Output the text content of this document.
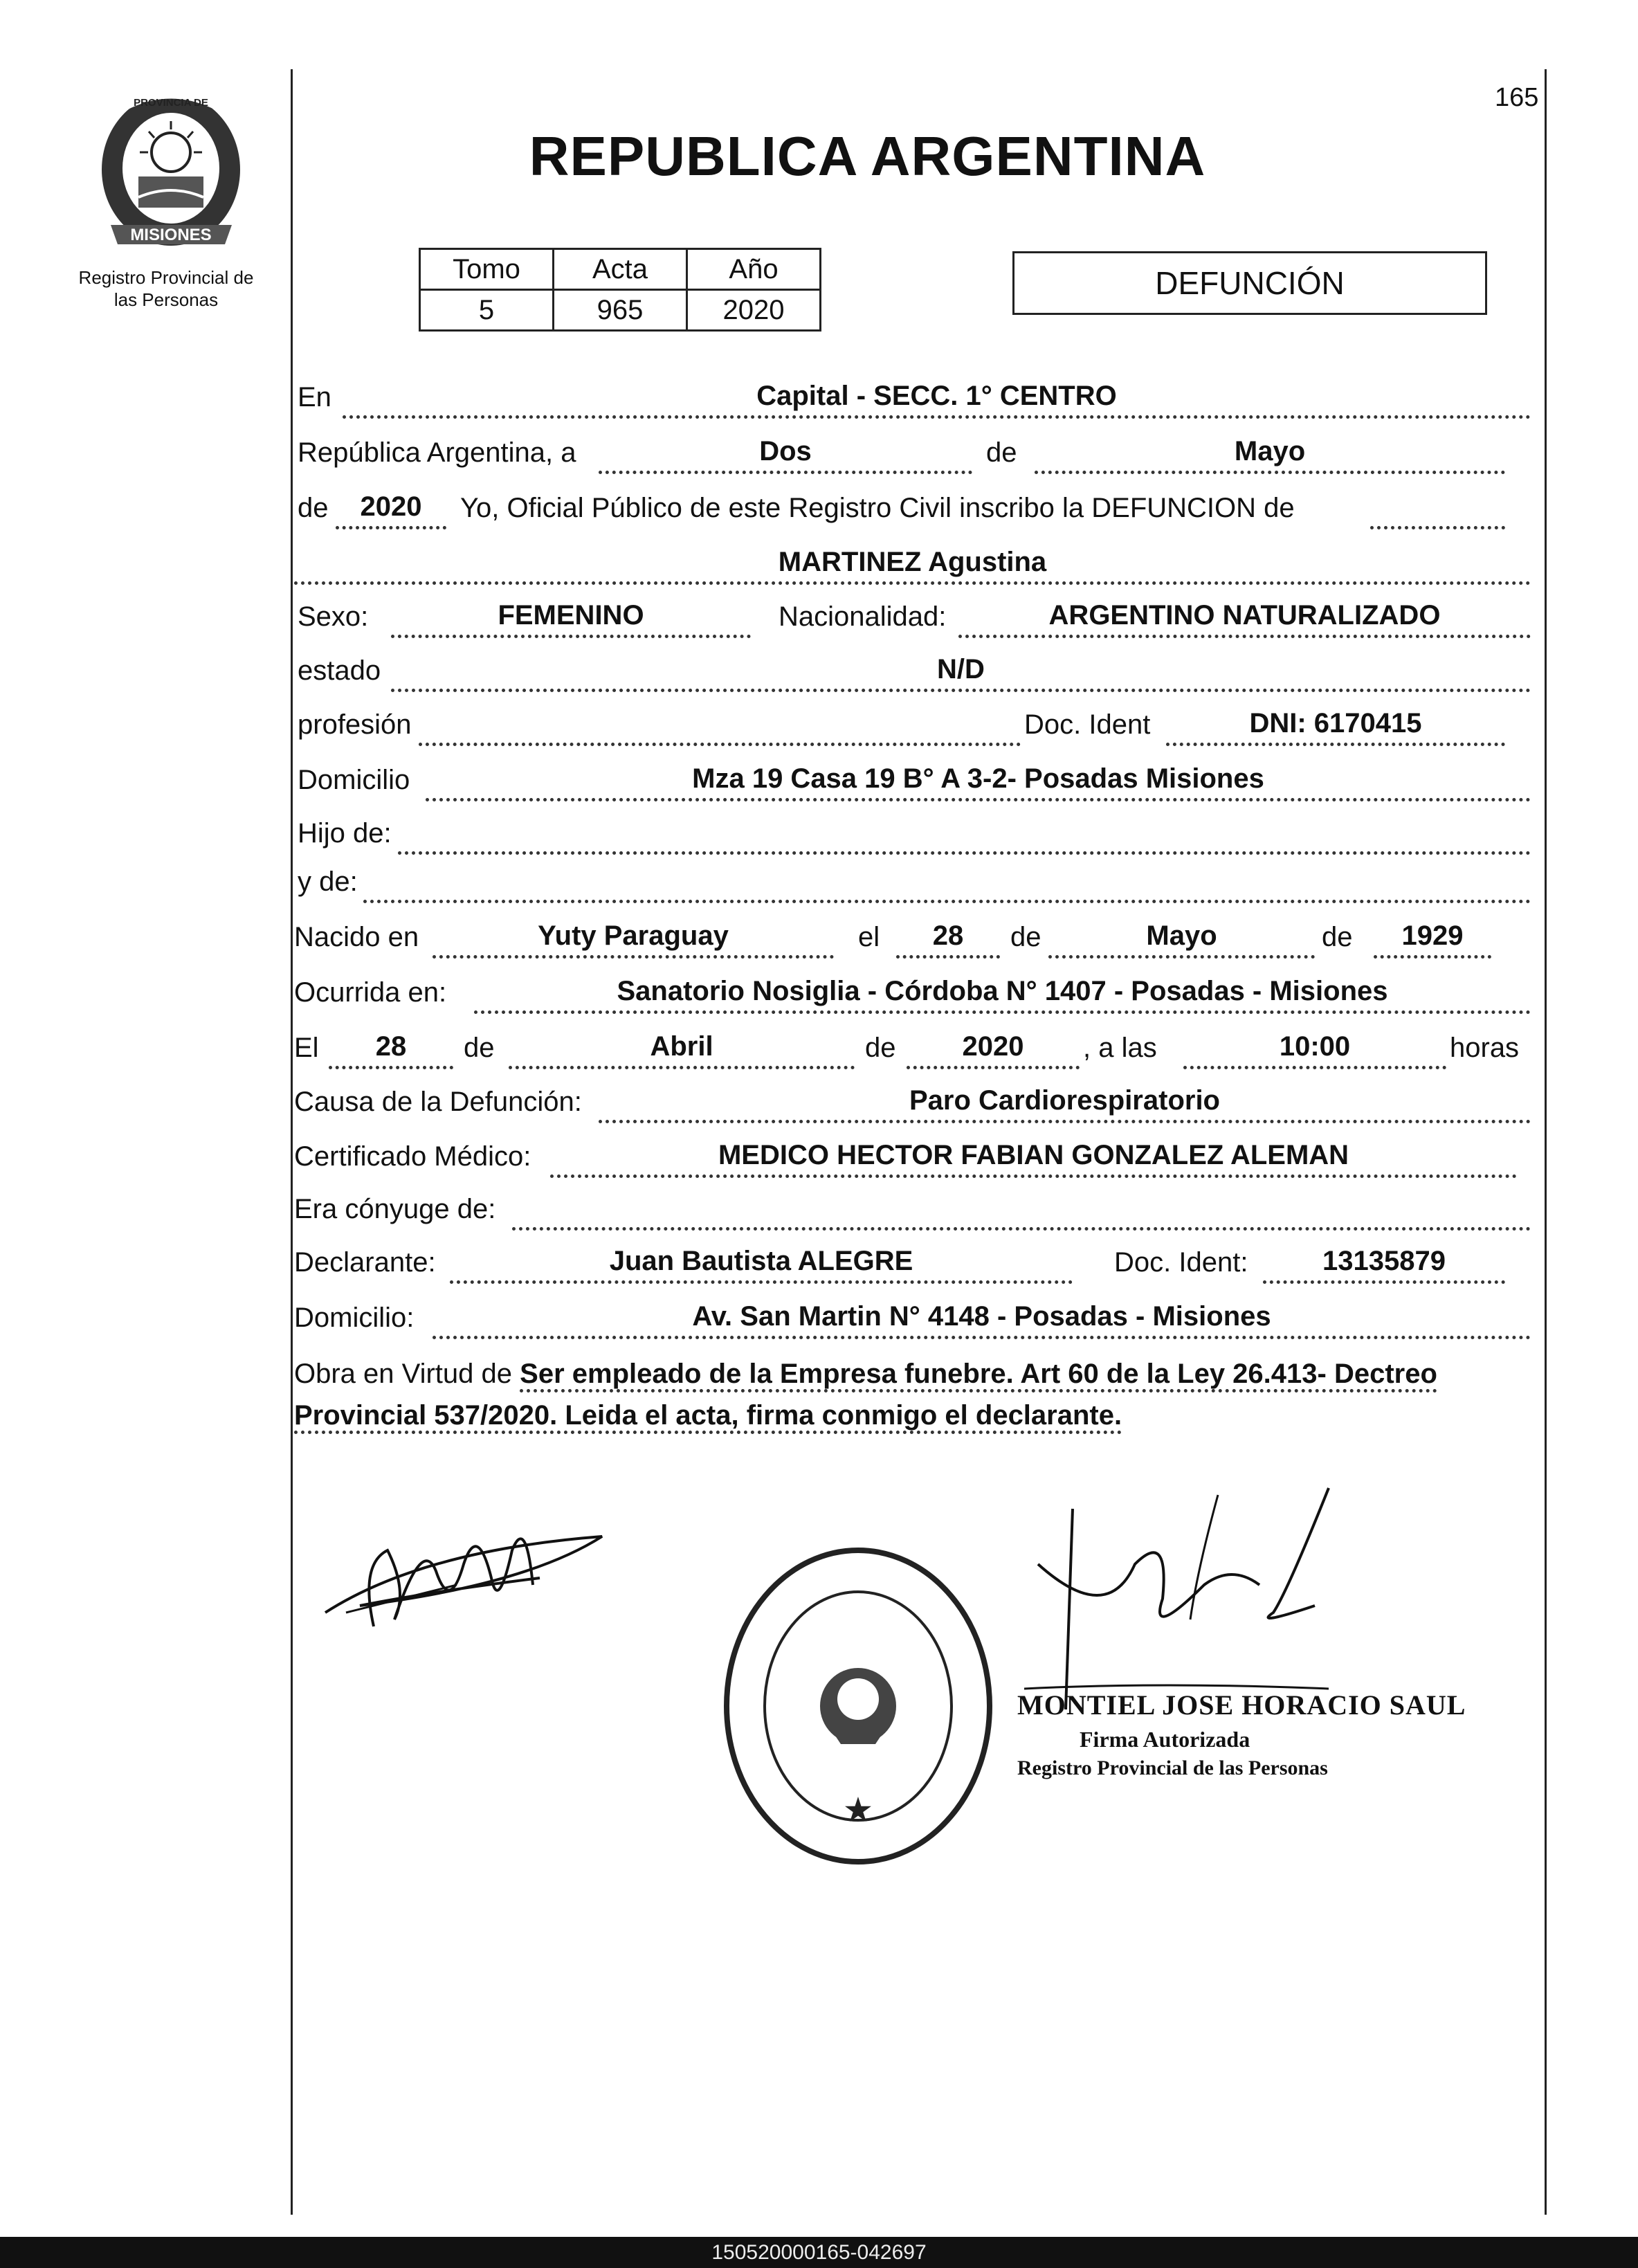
165
REPUBLICA ARGENTINA
MISIONES
PROVINCIA DE
Registro Provincial de
las Personas
Tomo	Acta	Año
5	965	2020
DEFUNCIÓN
En	Capital - SECC. 1° CENTRO
República Argentina, a	Dos	de	Mayo
de	2020	Yo, Oficial Público de este Registro Civil inscribo la DEFUNCION de
MARTINEZ Agustina
Sexo:	FEMENINO	Nacionalidad:	ARGENTINO NATURALIZADO
estado	N/D
profesión	Doc. Ident	DNI: 6170415
Domicilio	Mza 19 Casa 19 B° A 3-2- Posadas Misiones
Hijo de:
y de:
Nacido en	Yuty Paraguay	el	28	de	Mayo	de	1929
Ocurrida en:	Sanatorio Nosiglia - Córdoba N° 1407 - Posadas - Misiones
El	28	de	Abril	de	2020	, a las	10:00	horas
Causa de la Defunción:	Paro Cardiorespiratorio
Certificado Médico:	MEDICO HECTOR FABIAN GONZALEZ ALEMAN
Era cónyuge de:
Declarante:	Juan Bautista ALEGRE	Doc. Ident:	13135879
Domicilio:	Av. San Martin N° 4148 - Posadas - Misiones
Obra en Virtud de Ser empleado de la Empresa funebre. Art 60 de la Ley 26.413- Dectreo Provincial 537/2020. Leida el acta, firma conmigo el declarante.
★
MONTIEL JOSE HORACIO SAUL
Firma Autorizada
Registro Provincial de las Personas
150520000165-042697
